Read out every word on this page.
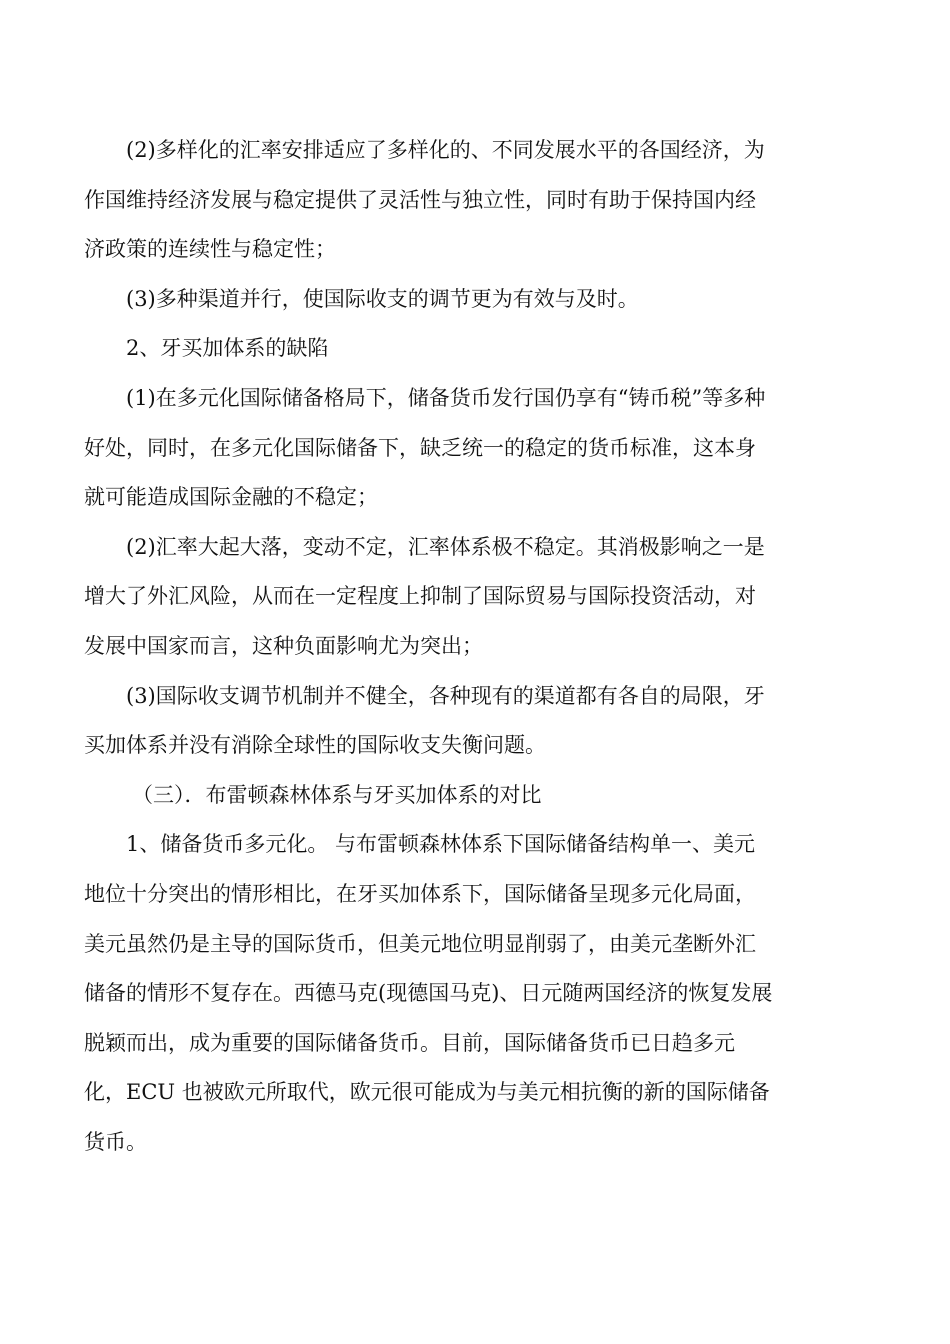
(2)多样化的汇率安排适应了多样化的、不同发展水平的各国经济，为
作国维持经济发展与稳定提供了灵活性与独立性，同时有助于保持国内经
济政策的连续性与稳定性；
(3)多种渠道并行，使国际收支的调节更为有效与及时。
2、牙买加体系的缺陷
(1)在多元化国际储备格局下，储备货币发行国仍享有“铸币税”等多种
好处，同时，在多元化国际储备下，缺乏统一的稳定的货币标准，这本身
就可能造成国际金融的不稳定；
(2)汇率大起大落，变动不定，汇率体系极不稳定。其消极影响之一是
增大了外汇风险，从而在一定程度上抑制了国际贸易与国际投资活动，对
发展中国家而言，这种负面影响尤为突出；
(3)国际收支调节机制并不健全，各种现有的渠道都有各自的局限，牙
买加体系并没有消除全球性的国际收支失衡问题。
（三）．布雷顿森林体系与牙买加体系的对比
1、储备货币多元化。 与布雷顿森林体系下国际储备结构单一、美元
地位十分突出的情形相比，在牙买加体系下，国际储备呈现多元化局面，
美元虽然仍是主导的国际货币，但美元地位明显削弱了，由美元垄断外汇
储备的情形不复存在。西德马克(现德国马克)、日元随两国经济的恢复发展
脱颖而出，成为重要的国际储备货币。目前，国际储备货币已日趋多元
化，ECU 也被欧元所取代，欧元很可能成为与美元相抗衡的新的国际储备
货币。
